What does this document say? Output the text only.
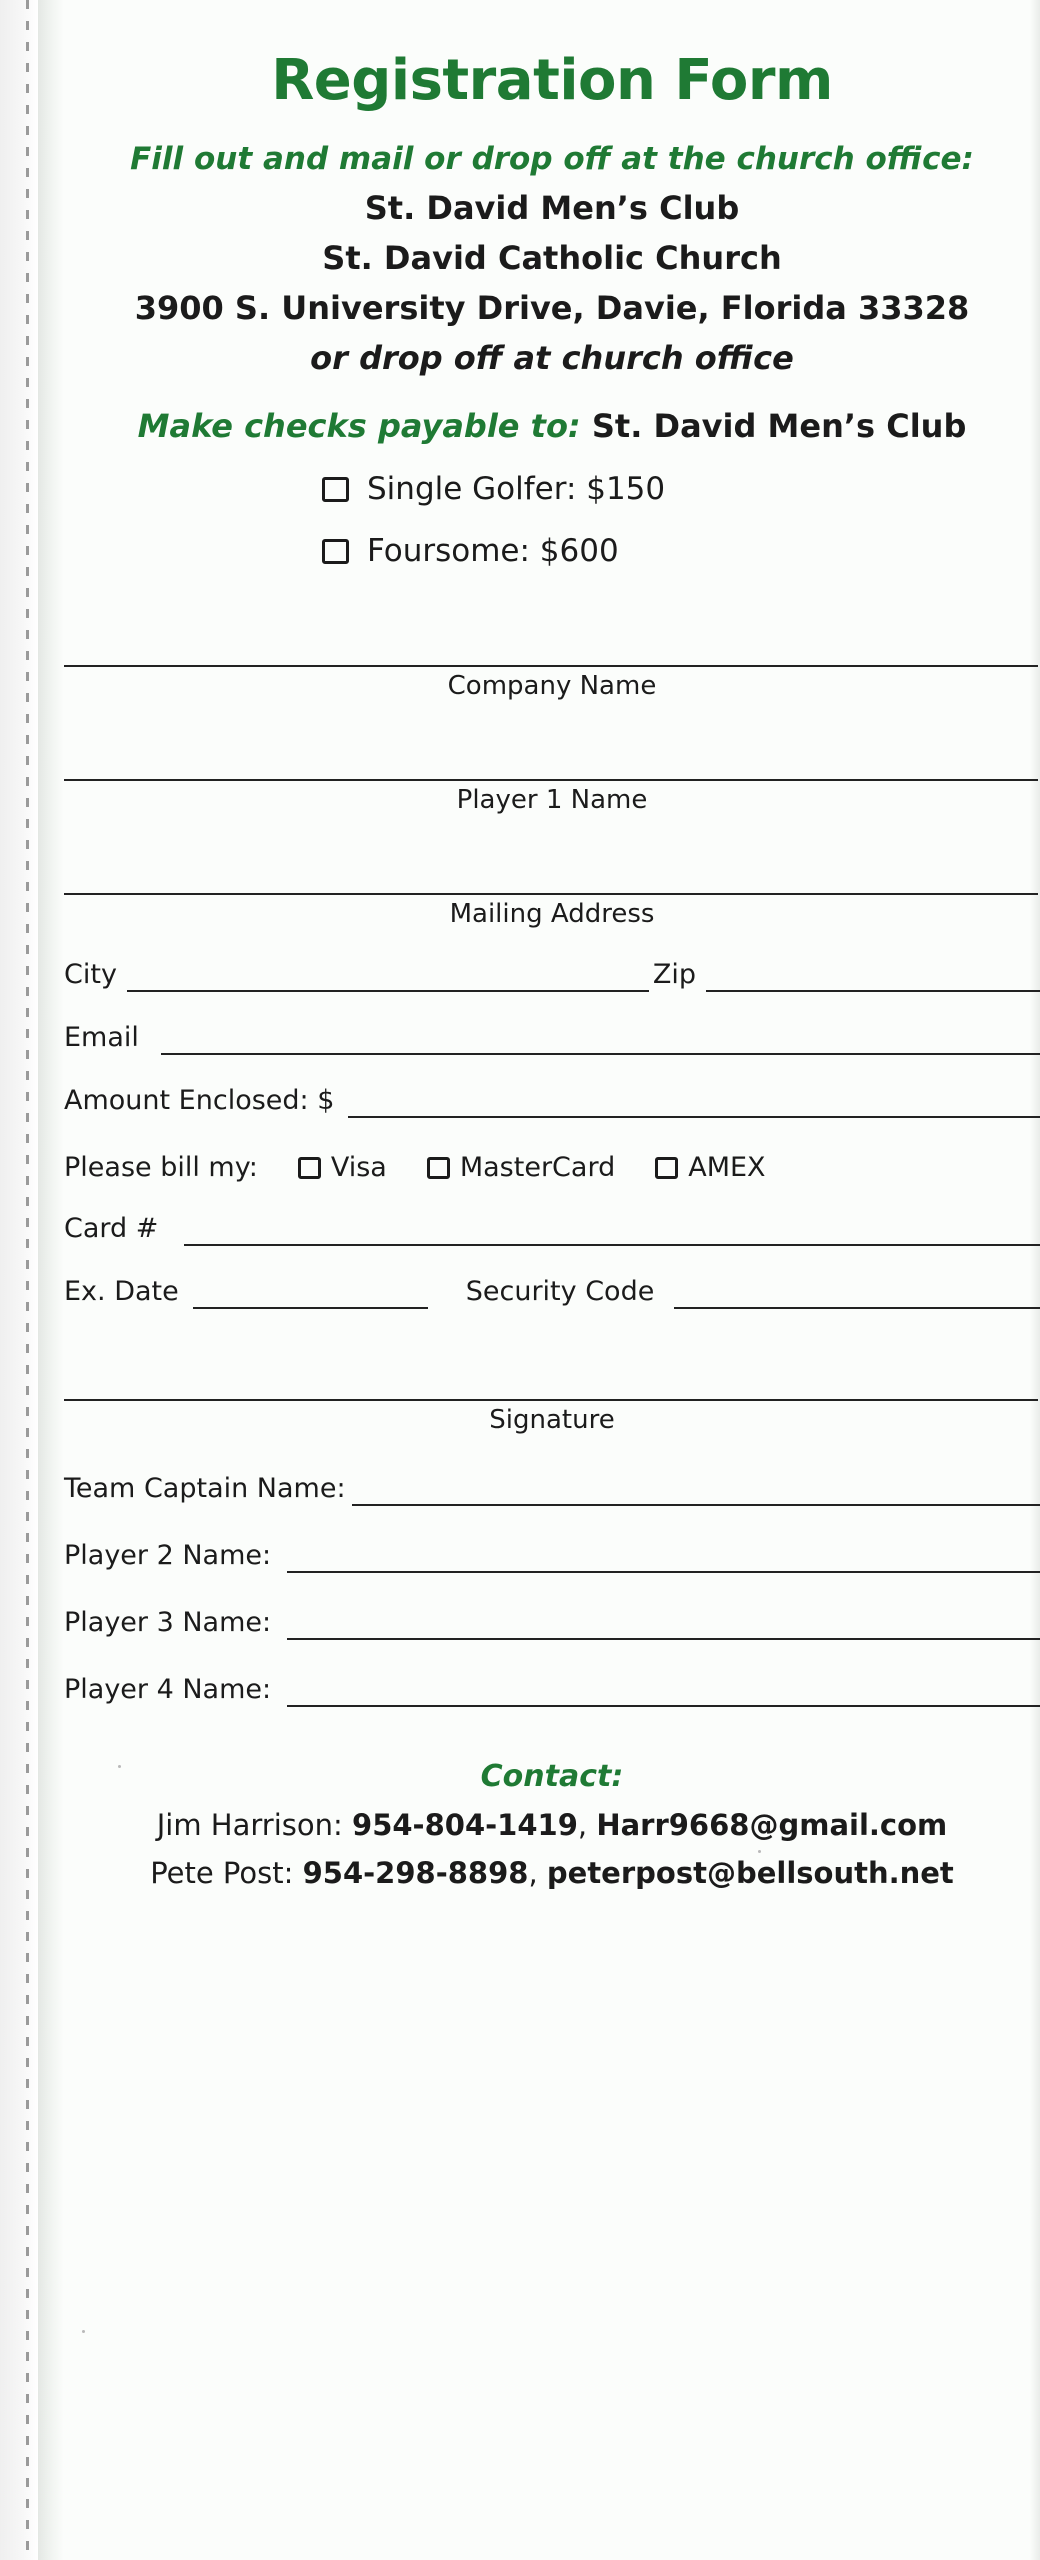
Registration Form
Fill out and mail or drop off at the church office:
St. David Men’s Club
St. David Catholic Church
3900 S. University Drive, Davie, Florida 33328
or drop off at church office
Make checks payable to: St. David Men’s Club
Single Golfer: $150
Foursome: $600
Company Name
Player 1 Name
Mailing Address
City	Zip
Email
Amount Enclosed: $
Please bill my:	Visa	MasterCard	AMEX
Card #
Ex. Date	Security Code
Signature
Team Captain Name:
Player 2 Name:
Player 3 Name:
Player 4 Name:
Contact:
Jim Harrison: 954-804-1419, Harr9668@gmail.com
Pete Post: 954-298-8898, peterpost@bellsouth.net
